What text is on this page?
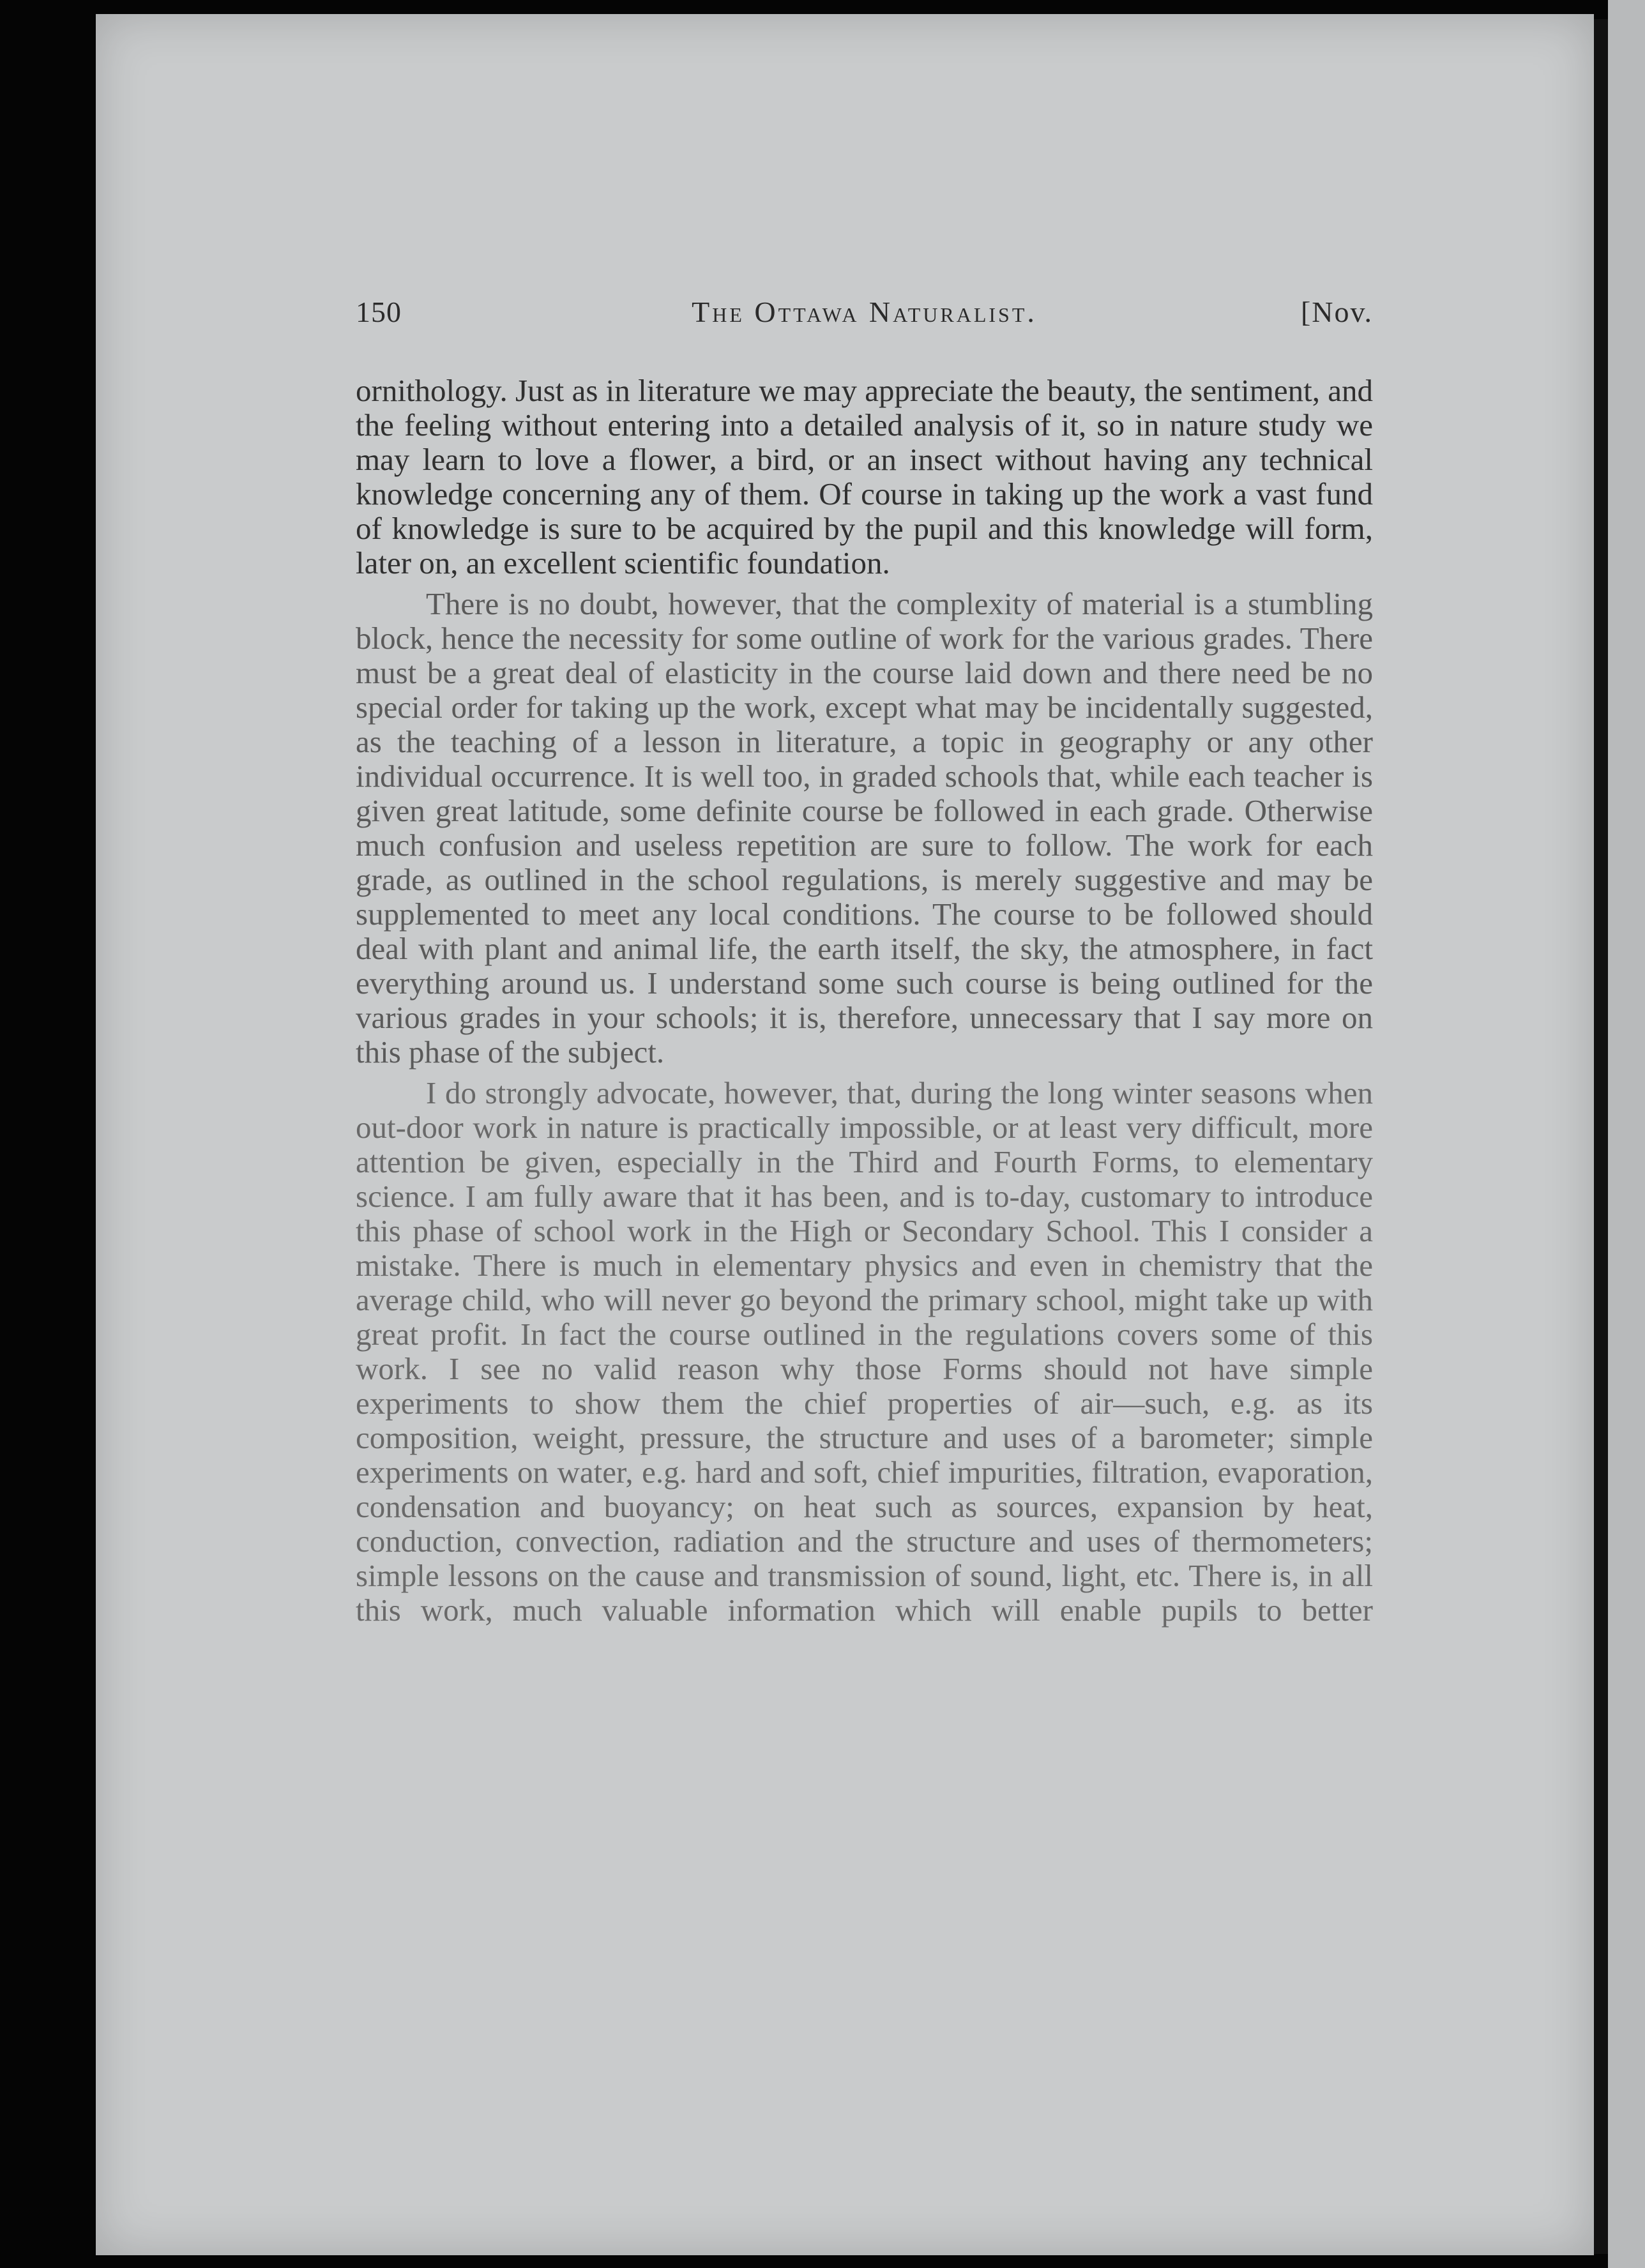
150	The Ottawa Naturalist.	[Nov.

ornithology. Just as in literature we may appreciate the beauty, the sentiment, and the feeling without entering into a detailed analysis of it, so in nature study we may learn to love a flower, a bird, or an insect without having any technical knowledge concerning any of them. Of course in taking up the work a vast fund of knowledge is sure to be acquired by the pupil and this knowledge will form, later on, an excellent scientific foundation.

There is no doubt, however, that the complexity of material is a stumbling block, hence the necessity for some outline of work for the various grades. There must be a great deal of elasticity in the course laid down and there need be no special order for taking up the work, except what may be incidentally suggested, as the teaching of a lesson in literature, a topic in geography or any other individual occurrence. It is well too, in graded schools that, while each teacher is given great latitude, some definite course be followed in each grade. Otherwise much confusion and useless repetition are sure to follow. The work for each grade, as outlined in the school regulations, is merely suggestive and may be supplemented to meet any local conditions. The course to be followed should deal with plant and animal life, the earth itself, the sky, the atmosphere, in fact everything around us. I understand some such course is being outlined for the various grades in your schools; it is, therefore, unnecessary that I say more on this phase of the subject.

I do strongly advocate, however, that, during the long winter seasons when out-door work in nature is practically impossible, or at least very difficult, more attention be given, especially in the Third and Fourth Forms, to elementary science. I am fully aware that it has been, and is to-day, customary to introduce this phase of school work in the High or Secondary School. This I consider a mistake. There is much in elementary physics and even in chemistry that the average child, who will never go beyond the primary school, might take up with great profit. In fact the course outlined in the regulations covers some of this work. I see no valid reason why those Forms should not have simple experiments to show them the chief properties of air—such, e.g. as its composition, weight, pressure, the structure and uses of a barometer; simple experiments on water, e.g. hard and soft, chief impurities, filtration, evaporation, condensation and buoyancy; on heat such as sources, expansion by heat, conduction, convection, radiation and the structure and uses of thermometers; simple lessons on the cause and transmission of sound, light, etc. There is, in all this work, much valuable information which will enable pupils to better
